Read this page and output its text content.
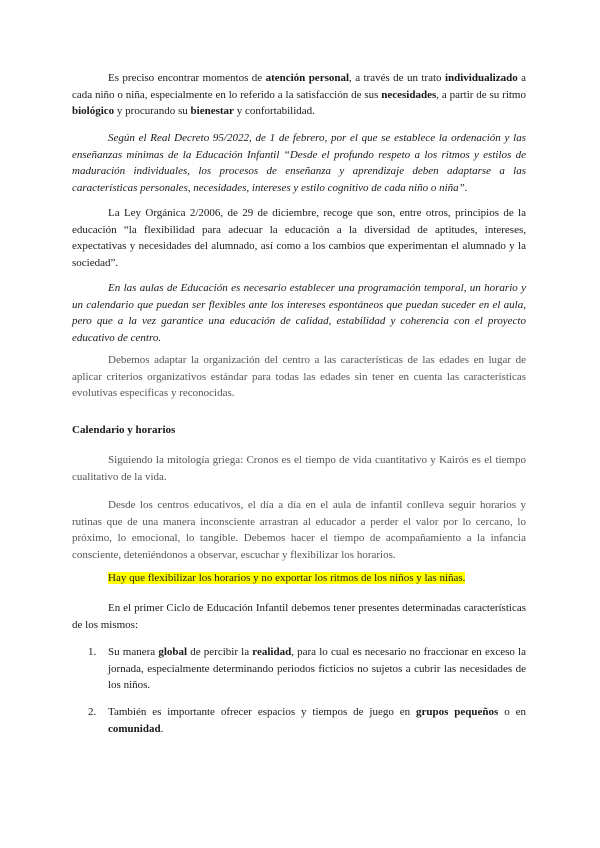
Es preciso encontrar momentos de atención personal, a través de un trato individualizado a cada niño o niña, especialmente en lo referido a la satisfacción de sus necesidades, a partir de su ritmo biológico y procurando su bienestar y confortabilidad.

Según el Real Decreto 95/2022, de 1 de febrero, por el que se establece la ordenación y las enseñanzas mínimas de la Educación Infantil “Desde el profundo respeto a los ritmos y estilos de maduración individuales, los procesos de enseñanza y aprendizaje deben adaptarse a las características personales, necesidades, intereses y estilo cognitivo de cada niño o niña”.

La Ley Orgánica 2/2006, de 29 de diciembre, recoge que son, entre otros, principios de la educación “la flexibilidad para adecuar la educación a la diversidad de aptitudes, intereses, expectativas y necesidades del alumnado, así como a los cambios que experimentan el alumnado y la sociedad”.

En las aulas de Educación es necesario establecer una programación temporal, un horario y un calendario que puedan ser flexibles ante los intereses espontáneos que puedan suceder en el aula, pero que a la vez garantice una educación de calidad, estabilidad y coherencia con el proyecto educativo de centro.

Debemos adaptar la organización del centro a las características de las edades en lugar de aplicar criterios organizativos estándar para todas las edades sin tener en cuenta las características evolutivas específicas y reconocidas.

Calendario y horarios

Siguiendo la mitología griega: Cronos es el tiempo de vida cuantitativo y Kairós es el tiempo cualitativo de la vida.

Desde los centros educativos, el día a día en el aula de infantil conlleva seguir horarios y rutinas que de una manera inconsciente arrastran al educador a perder el valor por lo cercano, lo próximo, lo emocional, lo tangible. Debemos hacer el tiempo de acompañamiento a la infancia consciente, deteniéndonos a observar, escuchar y flexibilizar los horarios.

Hay que flexibilizar los horarios y no exportar los ritmos de los niños y las niñas.

En el primer Ciclo de Educación Infantil debemos tener presentes determinadas características de los mismos:

1. Su manera global de percibir la realidad, para lo cual es necesario no fraccionar en exceso la jornada, especialmente determinando periodos ficticios no sujetos a cubrir las necesidades de los niños.
2. También es importante ofrecer espacios y tiempos de juego en grupos pequeños o en comunidad.
